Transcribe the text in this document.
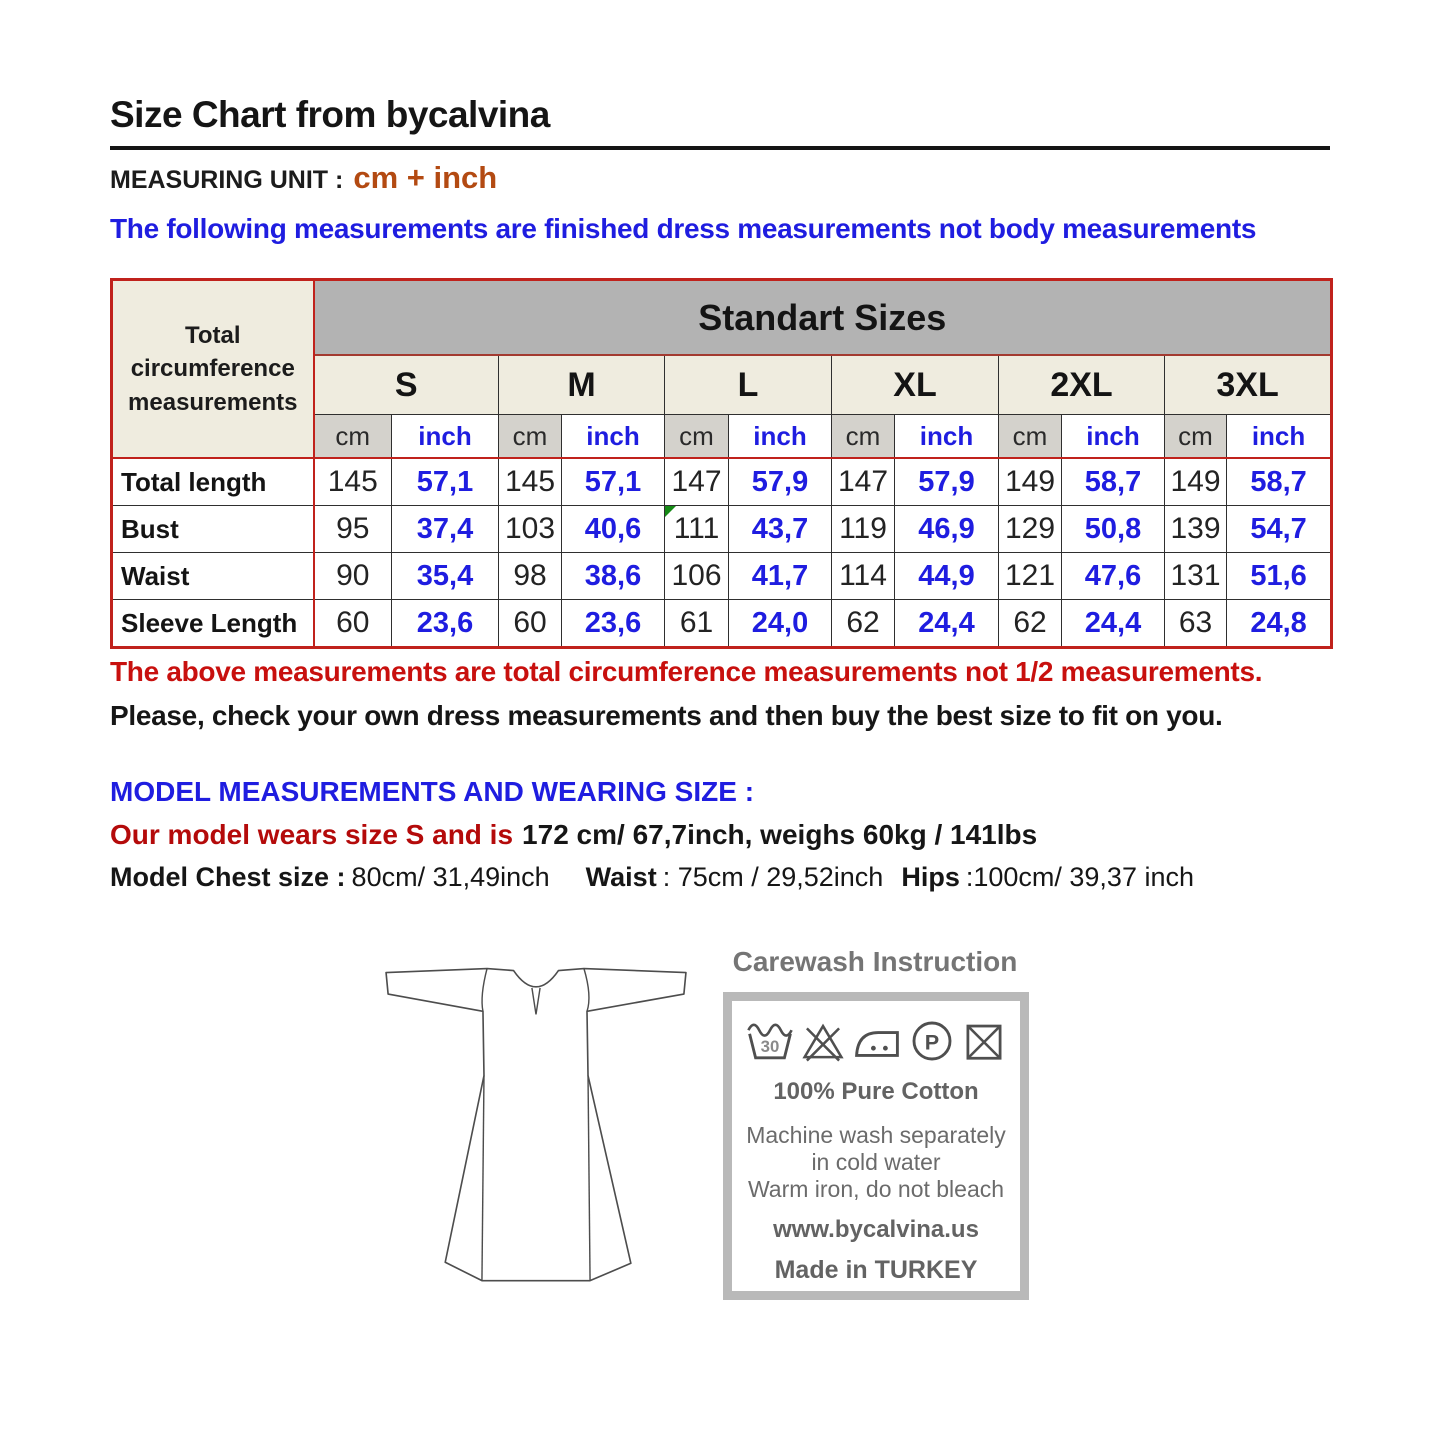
Size Chart from bycalvina
MEASURING UNIT : cm + inch
The following measurements are finished dress measurements not body measurements
Total
circumference
measurements	Standart Sizes											
	S		M		L		XL		2XL		3XL	
	cm	inch	cm	inch	cm	inch	cm	inch	cm	inch	cm	inch
Total length	145	57,1	145	57,1	147	57,9	147	57,9	149	58,7	149	58,7
Bust	95	37,4	103	40,6	111	43,7	119	46,9	129	50,8	139	54,7
Waist	90	35,4	98	38,6	106	41,7	114	44,9	121	47,6	131	51,6
Sleeve Length	60	23,6	60	23,6	61	24,0	62	24,4	62	24,4	63	24,8
The above measurements are total circumference measurements not 1/2 measurements.
Please, check your own dress measurements and then buy the best size to fit on you.
MODEL MEASUREMENTS AND WEARING SIZE :
Our model wears size S and is 172 cm/ 67,7inch, weighs 60kg / 141lbs
Model Chest size : 80cm/ 31,49inch Waist : 75cm / 29,52inch Hips :100cm/ 39,37 inch
Carewash Instruction
30	P
100% Pure Cotton
Machine wash separately
in cold water
Warm iron, do not bleach
www.bycalvina.us
Made in TURKEY
